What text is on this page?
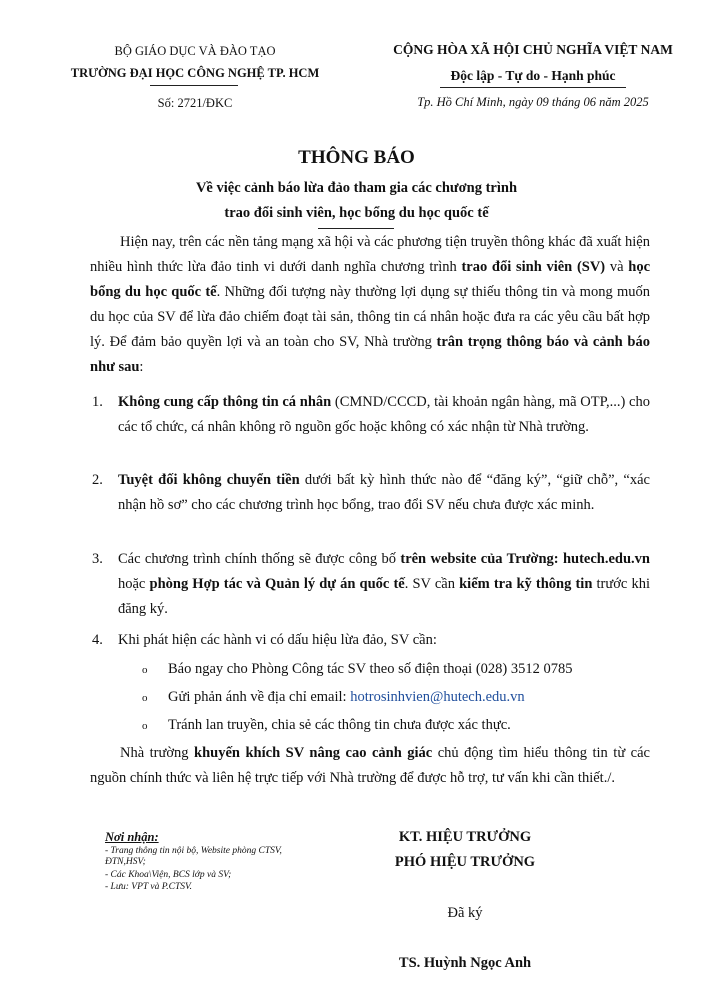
BỘ GIÁO DỤC VÀ ĐÀO TẠO
TRƯỜNG ĐẠI HỌC CÔNG NGHỆ TP. HCM
Số: 2721/ĐKC
CỘNG HÒA XÃ HỘI CHỦ NGHĨA VIỆT NAM
Độc lập - Tự do - Hạnh phúc
Tp. Hồ Chí Minh, ngày 09 tháng 06 năm 2025
THÔNG BÁO
Về việc cảnh báo lừa đảo tham gia các chương trình
trao đổi sinh viên, học bổng du học quốc tế
Hiện nay, trên các nền tảng mạng xã hội và các phương tiện truyền thông khác đã xuất hiện nhiều hình thức lừa đảo tinh vi dưới danh nghĩa chương trình trao đổi sinh viên (SV) và học bổng du học quốc tế. Những đối tượng này thường lợi dụng sự thiếu thông tin và mong muốn du học của SV để lừa đảo chiếm đoạt tài sản, thông tin cá nhân hoặc đưa ra các yêu cầu bất hợp lý. Để đảm bảo quyền lợi và an toàn cho SV, Nhà trường trân trọng thông báo và cảnh báo như sau:
1. Không cung cấp thông tin cá nhân (CMND/CCCD, tài khoản ngân hàng, mã OTP,...) cho các tổ chức, cá nhân không rõ nguồn gốc hoặc không có xác nhận từ Nhà trường.
2. Tuyệt đối không chuyển tiền dưới bất kỳ hình thức nào để “đăng ký”, “giữ chỗ”, “xác nhận hồ sơ” cho các chương trình học bổng, trao đổi SV nếu chưa được xác minh.
3. Các chương trình chính thống sẽ được công bố trên website của Trường: hutech.edu.vn hoặc phòng Hợp tác và Quản lý dự án quốc tế. SV cần kiểm tra kỹ thông tin trước khi đăng ký.
4. Khi phát hiện các hành vi có dấu hiệu lừa đảo, SV cần:
o Báo ngay cho Phòng Công tác SV theo số điện thoại (028) 3512 0785
o Gửi phản ánh về địa chỉ email: hotrosinhvien@hutech.edu.vn
o Tránh lan truyền, chia sẻ các thông tin chưa được xác thực.
Nhà trường khuyến khích SV nâng cao cảnh giác chủ động tìm hiểu thông tin từ các nguồn chính thức và liên hệ trực tiếp với Nhà trường để được hỗ trợ, tư vấn khi cần thiết./.
Nơi nhận:
- Trang thông tin nội bộ, Website phòng CTSV, ĐTN,HSV;
- Các Khoa\Viện, BCS lớp và SV;
- Lưu: VPT và P.CTSV.
KT. HIỆU TRƯỞNG
PHÓ HIỆU TRƯỞNG
Đã ký
TS. Huỳnh Ngọc Anh
